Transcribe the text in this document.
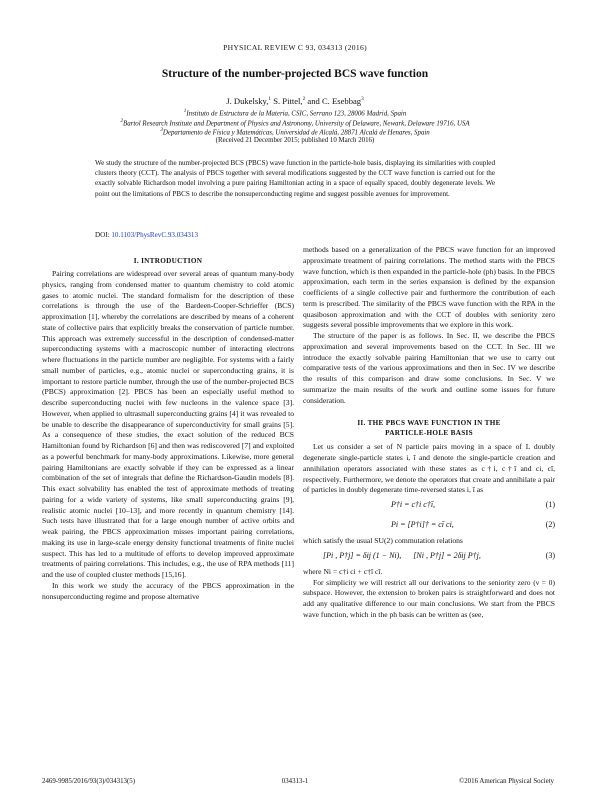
PHYSICAL REVIEW C 93, 034313 (2016)
Structure of the number-projected BCS wave function
J. Dukelsky,$^1$ S. Pittel,$^2$ and C. Esebbag$^3$
$^1$Instituto de Estructura de la Materia, CSIC, Serrano 123, 28006 Madrid, Spain
$^2$Bartol Research Institute and Department of Physics and Astronomy, University of Delaware, Newark, Delaware 19716, USA
$^3$Departamento de Física y Matemáticas, Universidad de Alcalá, 28871 Alcalá de Henares, Spain
(Received 21 December 2015; published 10 March 2016)
We study the structure of the number-projected BCS (PBCS) wave function in the particle-hole basis, displaying its similarities with coupled clusters theory (CCT). The analysis of PBCS together with several modifications suggested by the CCT wave function is carried out for the exactly solvable Richardson model involving a pure pairing Hamiltonian acting in a space of equally spaced, doubly degenerate levels. We point out the limitations of PBCS to describe the nonsuperconducting regime and suggest possible avenues for improvement.
DOI: 10.1103/PhysRevC.93.034313
I. INTRODUCTION

Pairing correlations are widespread over several areas of quantum many-body physics, ranging from condensed matter to quantum chemistry to cold atomic gases to atomic nuclei. The standard formalism for the description of these correlations is through the use of the Bardeen-Cooper-Schrieffer (BCS) approximation [1], whereby the correlations are described by means of a coherent state of collective pairs that explicitly breaks the conservation of particle number. This approach was extremely successful in the description of condensed-matter superconducting systems with a macroscopic number of interacting electrons where fluctuations in the particle number are negligible. For systems with a fairly small number of particles, e.g., atomic nuclei or superconducting grains, it is important to restore particle number, through the use of the number-projected BCS (PBCS) approximation [2]. PBCS has been an especially useful method to describe superconducting nuclei with few nucleons in the valence space [3]. However, when applied to ultrasmall superconducting grains [4] it was revealed to be unable to describe the disappearance of superconductivity for small grains [5]. As a consequence of these studies, the exact solution of the reduced BCS Hamiltonian found by Richardson [6] and then was rediscovered [7] and exploited as a powerful benchmark for many-body approximations. Likewise, more general pairing Hamiltonians are exactly solvable if they can be expressed as a linear combination of the set of integrals that define the Richardson-Gaudin models [8]. This exact solvability has enabled the test of approximate methods of treating pairing for a wide variety of systems, like small superconducting grains [9], realistic atomic nuclei [10–13], and more recently in quantum chemistry [14]. Such tests have illustrated that for a large enough number of active orbits and weak pairing, the PBCS approximation misses important pairing correlations, making its use in large-scale energy density functional treatments of finite nuclei suspect. This has led to a multitude of efforts to develop improved approximate treatments of pairing correlations. This includes, e.g., the use of RPA methods [11] and the use of coupled cluster methods [15,16].

In this work we study the accuracy of the PBCS approximation in the nonsuperconducting regime and propose alternative

methods based on a generalization of the PBCS wave function for an improved approximate treatment of pairing correlations. The method starts with the PBCS wave function, which is then expanded in the particle-hole (ph) basis. In the PBCS approximation, each term in the series expansion is defined by the expansion coefficients of a single collective pair and furthermore the contribution of each term is prescribed. The similarity of the PBCS wave function with the RPA in the quasiboson approximation and with the CCT of doubles with seniority zero suggests several possible improvements that we explore in this work.

The structure of the paper is as follows. In Sec. II, we describe the PBCS approximation and several improvements based on the CCT. In Sec. III we introduce the exactly solvable pairing Hamiltonian that we use to carry out comparative tests of the various approximations and then in Sec. IV we describe the results of this comparison and draw some conclusions. In Sec. V we summarize the main results of the work and outline some issues for future consideration.

II. THE PBCS WAVE FUNCTION IN THE
PARTICLE-HOLE BASIS

Let us consider a set of N particle pairs moving in a space of L doubly degenerate single-particle states i, ī and denote the single-particle creation and annihilation operators associated with these states as c†i, c†ī and ci, cī, respectively. Furthermore, we denote the operators that create and annihilate a pair of particles in doubly degenerate time-reversed states i, ī as

P†i = c†i c†ī,	(1)
Pi = [P†i]† = cī ci,	(2)

which satisfy the usual SU(2) commutation relations

[Pi , P†j] = δij (1 − Ni),      [Ni , P†j] = 2δij P†j,	(3)

where Ni = c†i ci + c†ī cī.

For simplicity we will restrict all our derivations to the seniority zero (ν = 0) subspace. However, the extension to broken pairs is straightforward and does not add any qualitative difference to our main conclusions. We start from the PBCS wave function, which in the ph basis can be written as (see,

2469-9985/2016/93(3)/034313(5)	034313-1	©2016 American Physical Society
